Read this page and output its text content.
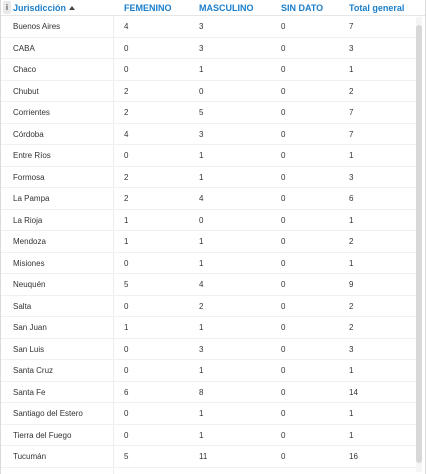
i Jurisdicción	FEMENINO	MASCULINO	SIN DATO	Total general
Buenos Aires	4	3	0	7
CABA	0	3	0	3
Chaco	0	1	0	1
Chubut	2	0	0	2
Corrientes	2	5	0	7
Córdoba	4	3	0	7
Entre Ríos	0	1	0	1
Formosa	2	1	0	3
La Pampa	2	4	0	6
La Rioja	1	0	0	1
Mendoza	1	1	0	2
Misiones	0	1	0	1
Neuquén	5	4	0	9
Salta	0	2	0	2
San Juan	1	1	0	2
San Luis	0	3	0	3
Santa Cruz	0	1	0	1
Santa Fe	6	8	0	14
Santiago del Estero	0	1	0	1
Tierra del Fuego	0	1	0	1
Tucumán	5	11	0	16
